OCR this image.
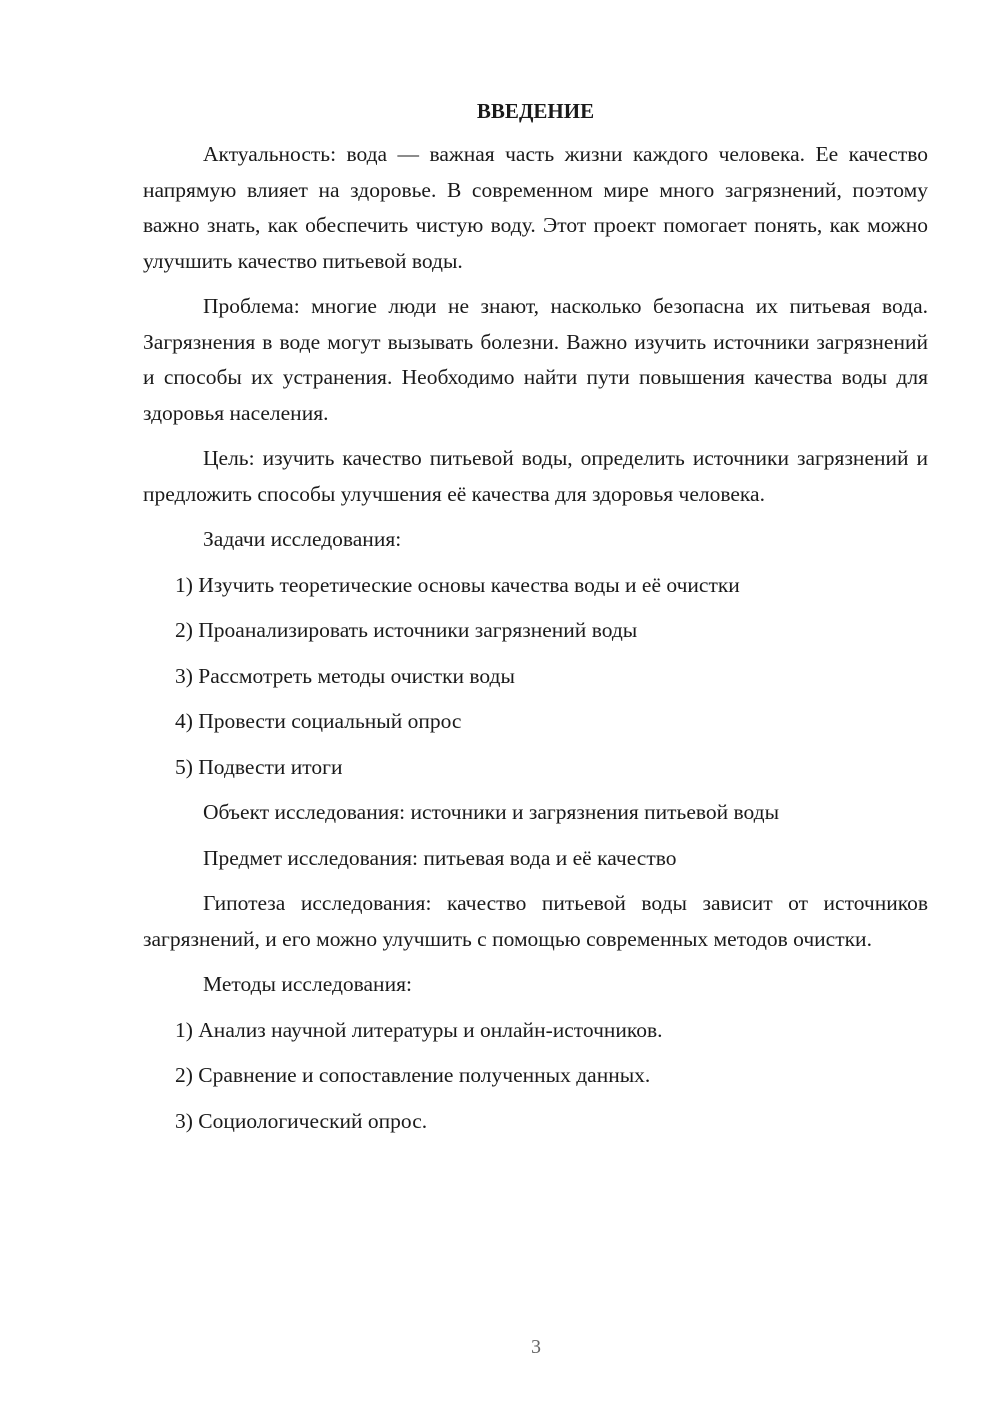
ВВЕДЕНИЕ

Актуальность: вода — важная часть жизни каждого человека. Ее качество напрямую влияет на здоровье. В современном мире много загрязнений, поэтому важно знать, как обеспечить чистую воду. Этот проект помогает понять, как можно улучшить качество питьевой воды.

Проблема: многие люди не знают, насколько безопасна их питьевая вода. Загрязнения в воде могут вызывать болезни. Важно изучить источники загрязнений и способы их устранения. Необходимо найти пути повышения качества воды для здоровья населения.

Цель: изучить качество питьевой воды, определить источники загрязнений и предложить способы улучшения её качества для здоровья человека.

Задачи исследования:
1) Изучить теоретические основы качества воды и её очистки
2) Проанализировать источники загрязнений воды
3) Рассмотреть методы очистки воды
4) Провести социальный опрос
5) Подвести итоги
Объект исследования: источники и загрязнения питьевой воды
Предмет исследования: питьевая вода и её качество

Гипотеза исследования: качество питьевой воды зависит от источников загрязнений, и его можно улучшить с помощью современных методов очистки.

Методы исследования:
1) Анализ научной литературы и онлайн-источников.
2) Сравнение и сопоставление полученных данных.
3) Социологический опрос.
3
